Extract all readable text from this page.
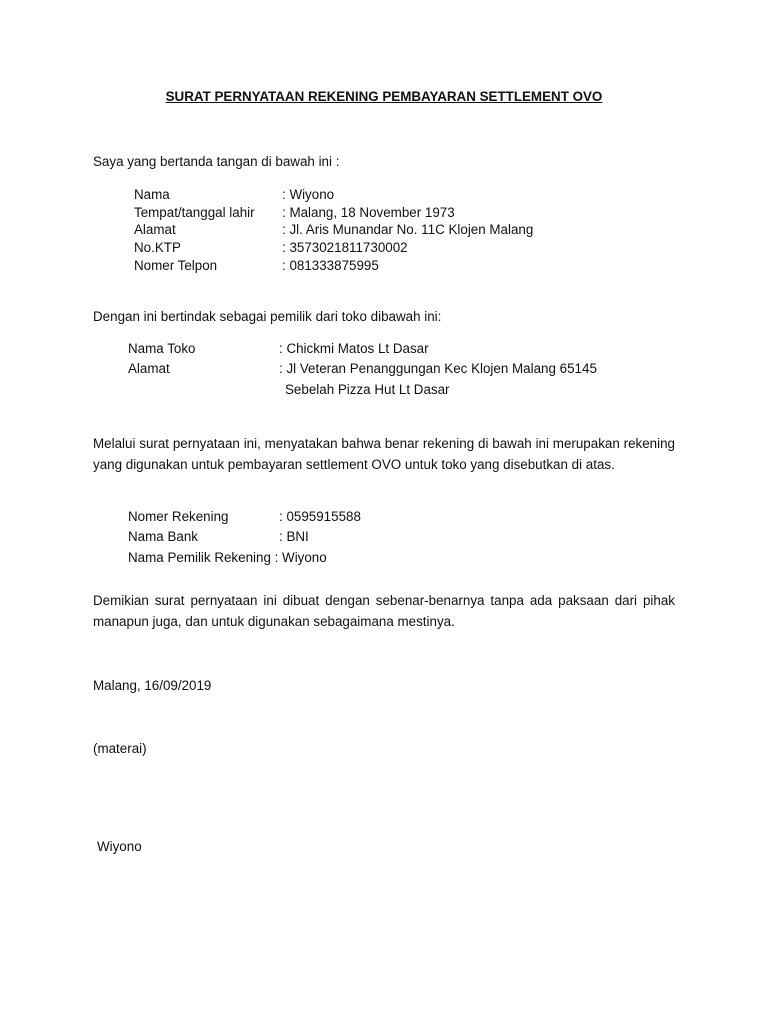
SURAT PERNYATAAN REKENING PEMBAYARAN SETTLEMENT OVO
Saya yang bertanda tangan di bawah ini :
Nama	: Wiyono
Tempat/tanggal lahir : Malang, 18 November 1973
Alamat	: Jl. Aris Munandar No. 11C Klojen Malang
No.KTP	: 3573021811730002
Nomer Telpon	: 081333875995
Dengan ini bertindak sebagai pemilik dari toko dibawah ini:
Nama Toko	: Chickmi Matos Lt Dasar
Alamat	: Jl Veteran Penanggungan Kec Klojen Malang 65145
Sebelah Pizza Hut Lt Dasar
Melalui surat pernyataan ini, menyatakan bahwa benar rekening di bawah ini merupakan rekening yang digunakan untuk pembayaran settlement OVO untuk toko yang disebutkan di atas.
Nomer Rekening	: 0595915588
Nama Bank	: BNI
Nama Pemilik Rekening : Wiyono
Demikian surat pernyataan ini dibuat dengan sebenar-benarnya tanpa ada paksaan dari pihak manapun juga, dan untuk digunakan sebagaimana mestinya.
Malang, 16/09/2019
(materai)
Wiyono
